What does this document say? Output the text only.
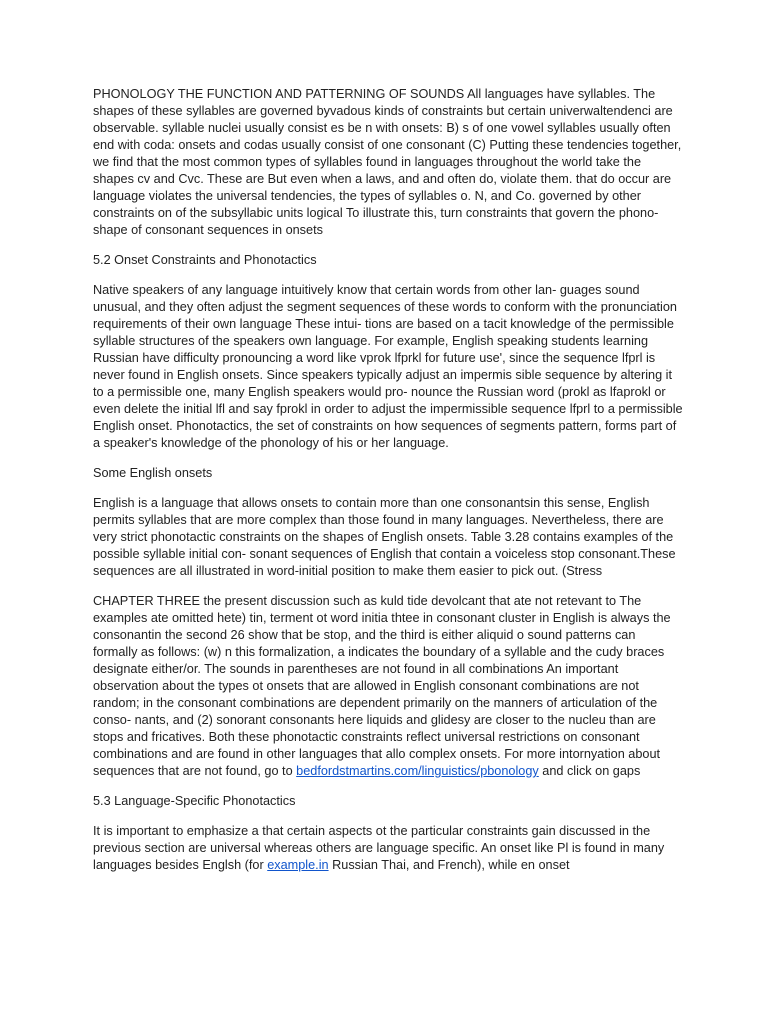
PHONOLOGY THE FUNCTION AND PATTERNING OF SOUNDS All languages have syllables. The shapes of these syllables are governed byvadous kinds of constraints but certain univerwaltendenci are observable. syllable nuclei usually consist es be n with onsets: B) s of one vowel syllables usually often end with coda: onsets and codas usually consist of one consonant (C) Putting these tendencies together, we find that the most common types of syllables found in languages throughout the world take the shapes cv and Cvc. These are But even when a laws, and and often do, violate them. that do occur are language violates the universal tendencies, the types of syllables o. N, and Co. governed by other constraints on of the subsyllabic units logical To illustrate this, turn constraints that govern the phono- shape of consonant sequences in onsets

5.2 Onset Constraints and Phonotactics

Native speakers of any language intuitively know that certain words from other lan- guages sound unusual, and they often adjust the segment sequences of these words to conform with the pronunciation requirements of their own language These intui- tions are based on a tacit knowledge of the permissible syllable structures of the speakers own language. For example, English speaking students learning Russian have difficulty pronouncing a word like vprok lfprkl for future use', since the sequence lfprl is never found in English onsets. Since speakers typically adjust an impermis sible sequence by altering it to a permissible one, many English speakers would pro- nounce the Russian word (prokl as lfaprokl or even delete the initial lfl and say fprokl in order to adjust the impermissible sequence lfprl to a permissible English onset. Phonotactics, the set of constraints on how sequences of segments pattern, forms part of a speaker's knowledge of the phonology of his or her language.

Some English onsets

English is a language that allows onsets to contain more than one consonantsin this sense, English permits syllables that are more complex than those found in many languages. Nevertheless, there are very strict phonotactic constraints on the shapes of English onsets. Table 3.28 contains examples of the possible syllable initial con- sonant sequences of English that contain a voiceless stop consonant.These sequences are all illustrated in word-initial position to make them easier to pick out. (Stress

CHAPTER THREE the present discussion such as kuld tide devolcant that ate not retevant to The examples ate omitted hete) tin, terment ot word initia thtee in consonant cluster in English is always the consonantin the second 26 show that be stop, and the third is either aliquid o sound patterns can formally as follows: (w) n this formalization, a indicates the boundary of a syllable and the cudy braces designate either/or. The sounds in parentheses are not found in all combinations An important observation about the types ot onsets that are allowed in English consonant combinations are not random; in the consonant combinations are dependent primarily on the manners of articulation of the conso- nants, and (2) sonorant consonants here liquids and glidesy are closer to the nucleu than are stops and fricatives. Both these phonotactic constraints reflect universal restrictions on consonant combinations and are found in other languages that allo complex onsets. For more intornyation about sequences that are not found, go to bedfordstmartins.com/linguistics/pbonology and click on gaps

5.3 Language-Specific Phonotactics

It is important to emphasize a that certain aspects ot the particular constraints gain discussed in the previous section are universal whereas others are language specific. An onset like Pl is found in many languages besides Englsh (for example.in Russian Thai, and French), while en onset
